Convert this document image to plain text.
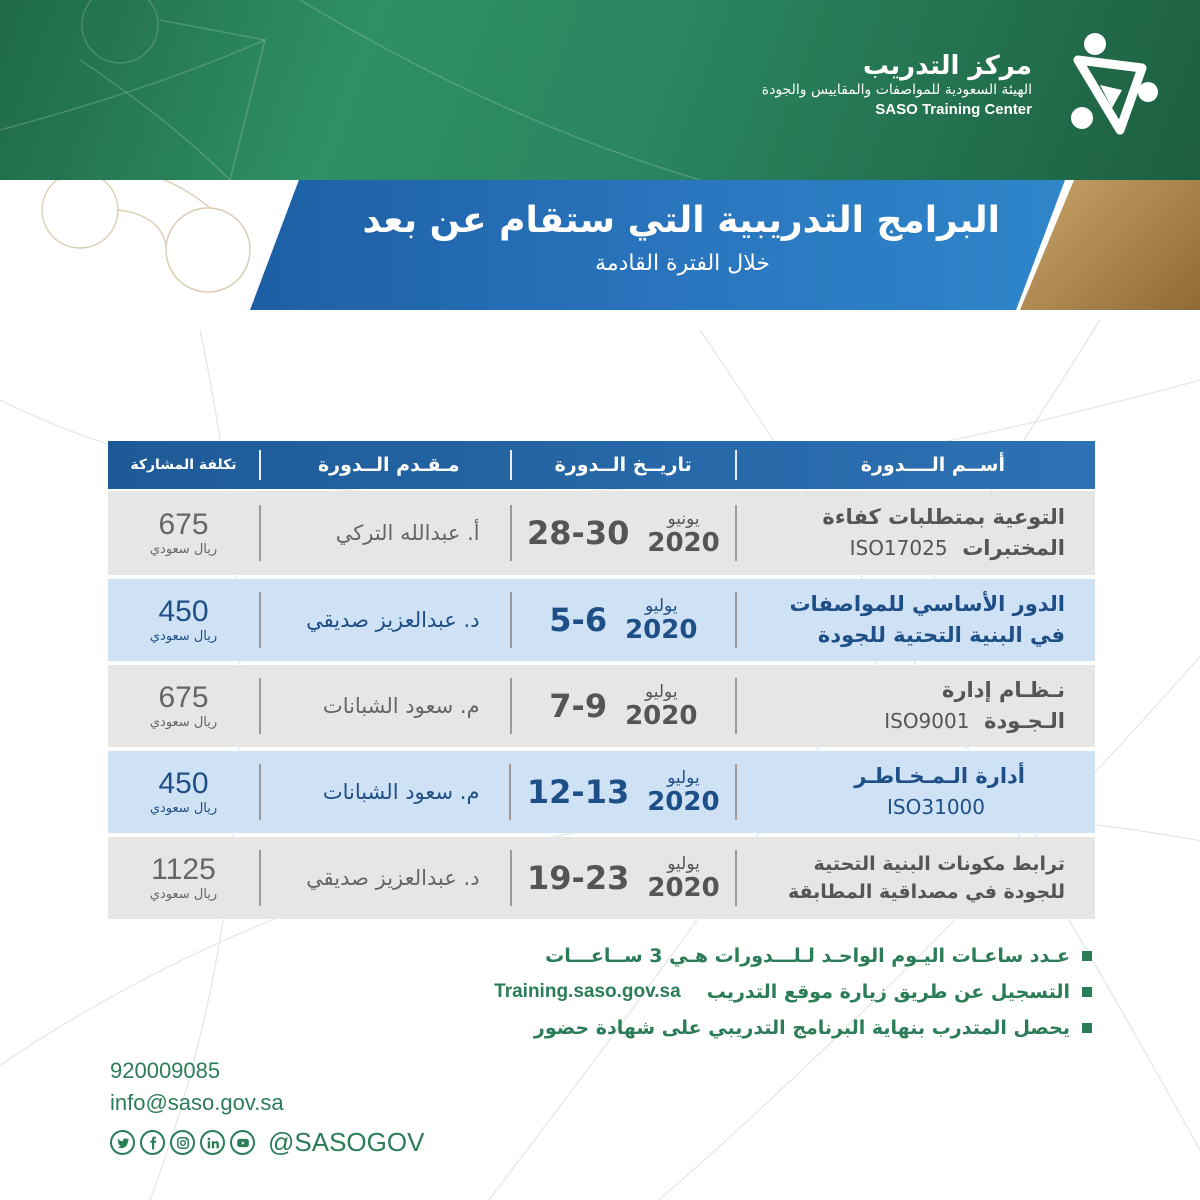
مركز التدريب
الهيئة السعودية للمواصفات والمقاييس والجودة
SASO Training Center
البرامج التدريبية التي ستقام عن بعد
خلال الفترة القادمة
أســم الــــدورة
تاريــخ الــدورة
مـقـدم الــدورة
تكلفة المشاركة
التوعية بمتطلبات كفاءة
المختبرات  ISO17025
يونيو
2020
28-30
أ. عبدالله التركي
675
ريال سعودي
الدور الأساسي للمواصفات
في البنية التحتية للجودة
يوليو
2020
5-6
د. عبدالعزيز صديقي
450
ريال سعودي
نـظـام إدارة
الـجـودة  ISO9001
يوليو
2020
7-9
م. سعود الشبانات
675
ريال سعودي
أدارة الـمـخـاطـر
ISO31000
يوليو
2020
12-13
م. سعود الشبانات
450
ريال سعودي
ترابط مكونات البنية التحتية
للجودة في مصداقية المطابقة
يوليو
2020
19-23
د. عبدالعزيز صديقي
1125
ريال سعودي
عـدد ساعـات اليـوم الواحـد لـلـــدورات هـي 3 ســاعـــات
التسجيل عن طريق زيارة موقع التدريب
Training.saso.gov.sa
يحصل المتدرب بنهاية البرنامج التدريبي على شهادة حضور
920009085
info@saso.gov.sa
@SASOGOV
